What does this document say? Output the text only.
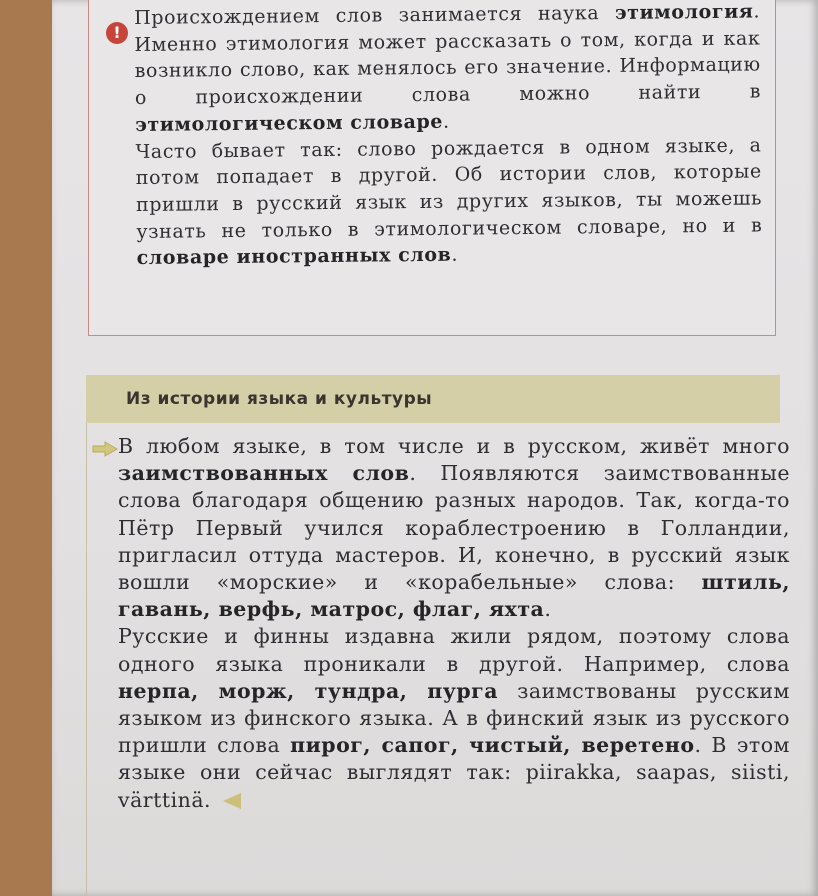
!

Происхождением слов занимается наука этимология. Именно этимология может рассказать о том, когда и как возникло слово, как менялось его значение. Информацию о происхождении слова можно найти в этимологическом словаре.

Часто бывает так: слово рождается в одном языке, а потом попадает в другой. Об истории слов, которые пришли в русский язык из других языков, ты можешь узнать не только в этимологическом словаре, но и в словаре иностранных слов.

Из истории языка и культуры

В любом языке, в том числе и в русском, живёт много заимствованных слов. Появляются заимствованные слова благодаря общению разных народов. Так, когда-то Пётр Первый учился кораблестроению в Голландии, пригласил оттуда мастеров. И, конечно, в русский язык вошли «морские» и «корабельные» слова: штиль, гавань, верфь, матрос, флаг, яхта.

Русские и финны издавна жили рядом, поэтому слова одного языка проникали в другой. Например, слова нерпа, морж, тундра, пурга заимствованы русским языком из финского языка. А в финский язык из русского пришли слова пирог, сапог, чистый, веретено. В этом языке они сейчас выглядят так: piirakka, saapas, siisti, värttinä.
